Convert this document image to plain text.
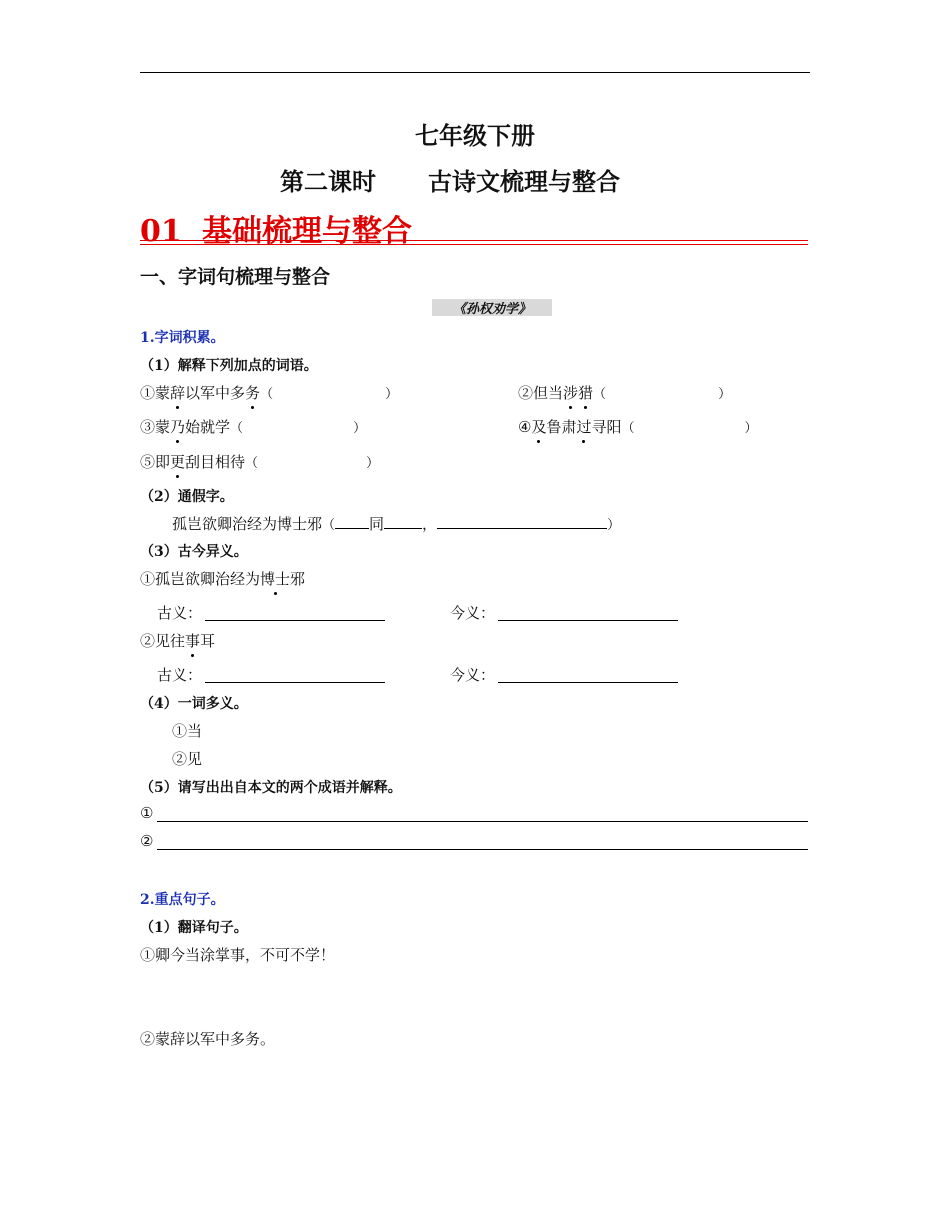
七年级下册
第二课时 古诗文梳理与整合
01 基础梳理与整合
一、字词句梳理与整合
《孙权劝学》
1.字词积累。
（1）解释下列加点的词语。
①蒙辞以军中多务（	）	②但当涉猎（	）
③蒙乃始就学（	）	④及鲁肃过寻阳（	）
⑤即更刮目相待（	）
（2）通假字。
孤岂欲卿治经为博士邪（ 同	，	）
（3）古今异义。
①孤岂欲卿治经为博士邪
古义：	今义：
②见往事耳
古义：	今义：
（4）一词多义。
①当
②见
（5）请写出出自本文的两个成语并解释。
①
②
2.重点句子。
（1）翻译句子。
①卿今当涂掌事，不可不学！
②蒙辞以军中多务。
